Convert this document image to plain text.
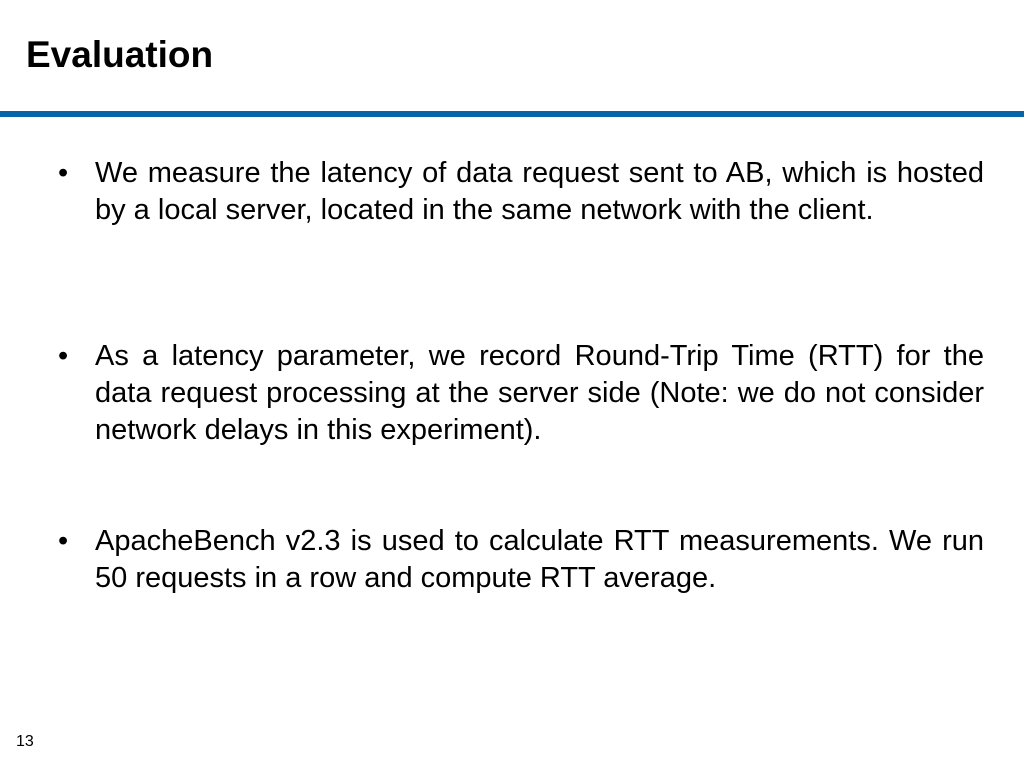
Evaluation
• We measure the latency of data request sent to AB, which is hosted by a local server, located in the same network with the client.
• As a latency parameter, we record Round-Trip Time (RTT) for the data request processing at the server side (Note: we do not consider network delays in this experiment).
• ApacheBench v2.3 is used to calculate RTT measurements. We run 50 requests in a row and compute RTT average.
13
